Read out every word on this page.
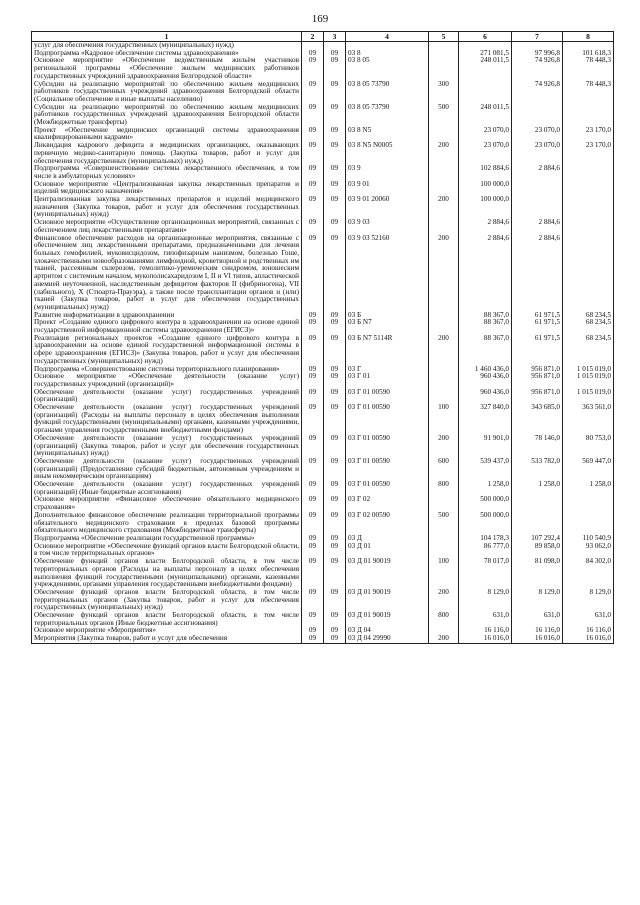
169
1	2	3	4	5	6	7	8
услуг для обеспечения государственных (муниципальных) нужд)							
Подпрограмма «Кадровое обеспечение системы здравоохранения»	09	09	03 8		271 081,5	97 996,8	101 618,3
Основное мероприятие «Обеспечение ведомственным жильём участников региональной программы «Обеспечение жильем медицинских работников государственных учреждений здравоохранения Белгородской области»	09	09	03 8 05		248 011,5	74 926,8	78 448,3
Субсидии на реализацию мероприятий по обеспечению жильем медицинских работников государственных учреждений здравоохранения Белгородской области (Социальное обеспечение и иные выплаты населению)	09	09	03 8 05 73790	300		74 926,8	78 448,3
Субсидии на реализацию мероприятий по обеспечению жильем медицинских работников государственных учреждений здравоохранения Белгородской области (Межбюджетные трансферты)	09	09	03 8 05 73790	500	248 011,5		
Проект «Обеспечение медицинских организаций системы здравоохранения квалифицированными кадрами»	09	09	03 8 N5		23 070,0	23 070,0	23 170,0
Ликвидация кадрового дефицита в медицинских организациях, оказывающих первичную медико-санитарную помощь (Закупка товаров, работ и услуг для обеспечения государственных (муниципальных) нужд)	09	09	03 8 N5 N0005	200	23 070,0	23 070,0	23 170,0
Подпрограмма «Совершенствование системы лекарственного обеспечения, в том числе в амбулаторных условиях»	09	09	03 9		102 884,6	2 884,6	
Основное мероприятие «Централизованная закупка лекарственных препаратов и изделий медицинского назначения»	09	09	03 9 01		100 000,0		
Централизованная закупка лекарственных препаратов и изделий медицинского назначения (Закупка товаров, работ и услуг для обеспечения государственных (муниципальных) нужд)	09	09	03 9 01 20060	200	100 000,0		
Основное мероприятие «Осуществление организационных мероприятий, связанных с обеспечением лиц лекарственными препаратами»	09	09	03 9 03		2 884,6	2 884,6	
Финансовое обеспечение расходов на организационные мероприятия, связанные с обеспечением лиц лекарственными препаратами, предназначенными для лечения больных гемофилией, муковисцидозом, гипофизарным нанизмом, болезнью Гоше, злокачественными новообразованиями лимфоидной, кроветворной и родственных им тканей, рассеянным склерозом, гемолитико-уремическим синдромом, юношеским артритом с системным началом, мукополисахаридозом I, II и VI типов, апластической анемией неуточненной, наследственным дефицитом факторов II (фибриногена), VII (лабильного), X (Стюарта-Прауэра), а также после трансплантации органов и (или) тканей (Закупка товаров, работ и услуг для обеспечения государственных (муниципальных) нужд)	09	09	03 9 03 52160	200	2 884,6	2 884,6	
Развитие информатизации в здравоохранении	09	09	03 Б		88 367,0	61 971,5	68 234,5
Проект «Создание единого цифрового контура в здравоохранении на основе единой государственной информационной системы здравоохранения (ЕГИСЗ)»	09	09	03 Б N7		88 367,0	61 971,5	68 234,5
Реализация региональных проектов «Создание единого цифрового контура в здравоохранении на основе единой государственной информационной системы в сфере здравоохранения (ЕГИСЗ)» (Закупка товаров, работ и услуг для обеспечения государственных (муниципальных) нужд)	09	09	03 Б N7 5114R	200	88 367,0	61 971,5	68 234,5
Подпрограмма «Совершенствование системы территориального планирования»	09	09	03 Г		1 460 436,0	956 871,0	1 015 019,0
Основное мероприятие «Обеспечение деятельности (оказание услуг) государственных учреждений (организаций)»	09	09	03 Г 01		960 436,0	956 871,0	1 015 019,0
Обеспечение деятельности (оказание услуг) государственных учреждений (организаций)	09	09	03 Г 01 00590		960 436,0	956 871,0	1 015 019,0
Обеспечение деятельности (оказание услуг) государственных учреждений (организаций) (Расходы на выплаты персоналу в целях обеспечения выполнения функций государственными (муниципальными) органами, казенными учреждениями, органами управления государственными внебюджетными фондами)	09	09	03 Г 01 00590	100	327 840,0	343 685,0	363 561,0
Обеспечение деятельности (оказание услуг) государственных учреждений (организаций) (Закупка товаров, работ и услуг для обеспечения государственных (муниципальных) нужд)	09	09	03 Г 01 00590	200	91 901,0	78 146,0	80 753,0
Обеспечение деятельности (оказание услуг) государственных учреждений (организаций) (Предоставление субсидий бюджетным, автономным учреждениям и иным некоммерческим организациям)	09	09	03 Г 01 00590	600	539 437,0	533 782,0	569 447,0
Обеспечение деятельности (оказание услуг) государственных учреждений (организаций) (Иные бюджетные ассигнования)	09	09	03 Г 01 00590	800	1 258,0	1 258,0	1 258,0
Основное мероприятие «Финансовое обеспечение обязательного медицинского страхования»	09	09	03 Г 02		500 000,0		
Дополнительное финансовое обеспечение реализации территориальной программы обязательного медицинского страхования в пределах базовой программы обязательного медицинского страхования (Межбюджетные трансферты)	09	09	03 Г 02 00590	500	500 000,0		
Подпрограмма «Обеспечение реализации государственной программы»	09	09	03 Д		104 178,3	107 292,4	110 540,9
Основное мероприятие «Обеспечение функций органов власти Белгородской области, в том числе территориальных органов»	09	09	03 Д 01		86 777,0	89 858,0	93 062,0
Обеспечение функций органов власти Белгородской области, в том числе территориальных органов (Расходы на выплаты персоналу в целях обеспечения выполнения функций государственными (муниципальными) органами, казенными учреждениями, органами управления государственными внебюджетными фондами)	09	09	03 Д 01 90019	100	78 017,0	81 098,0	84 302,0
Обеспечение функций органов власти Белгородской области, в том числе территориальных органов (Закупка товаров, работ и услуг для обеспечения государственных (муниципальных) нужд)	09	09	03 Д 01 90019	200	8 129,0	8 129,0	8 129,0
Обеспечение функций органов власти Белгородской области, в том числе территориальных органов (Иные бюджетные ассигнования)	09	09	03 Д 01 90019	800	631,0	631,0	631,0
Основное мероприятие «Мероприятия»	09	09	03 Д 04		16 116,0	16 116,0	16 116,0
Мероприятия (Закупка товаров, работ и услуг для обеспечения	09	09	03 Д 04 29990	200	16 016,0	16 016,0	16 016,0
